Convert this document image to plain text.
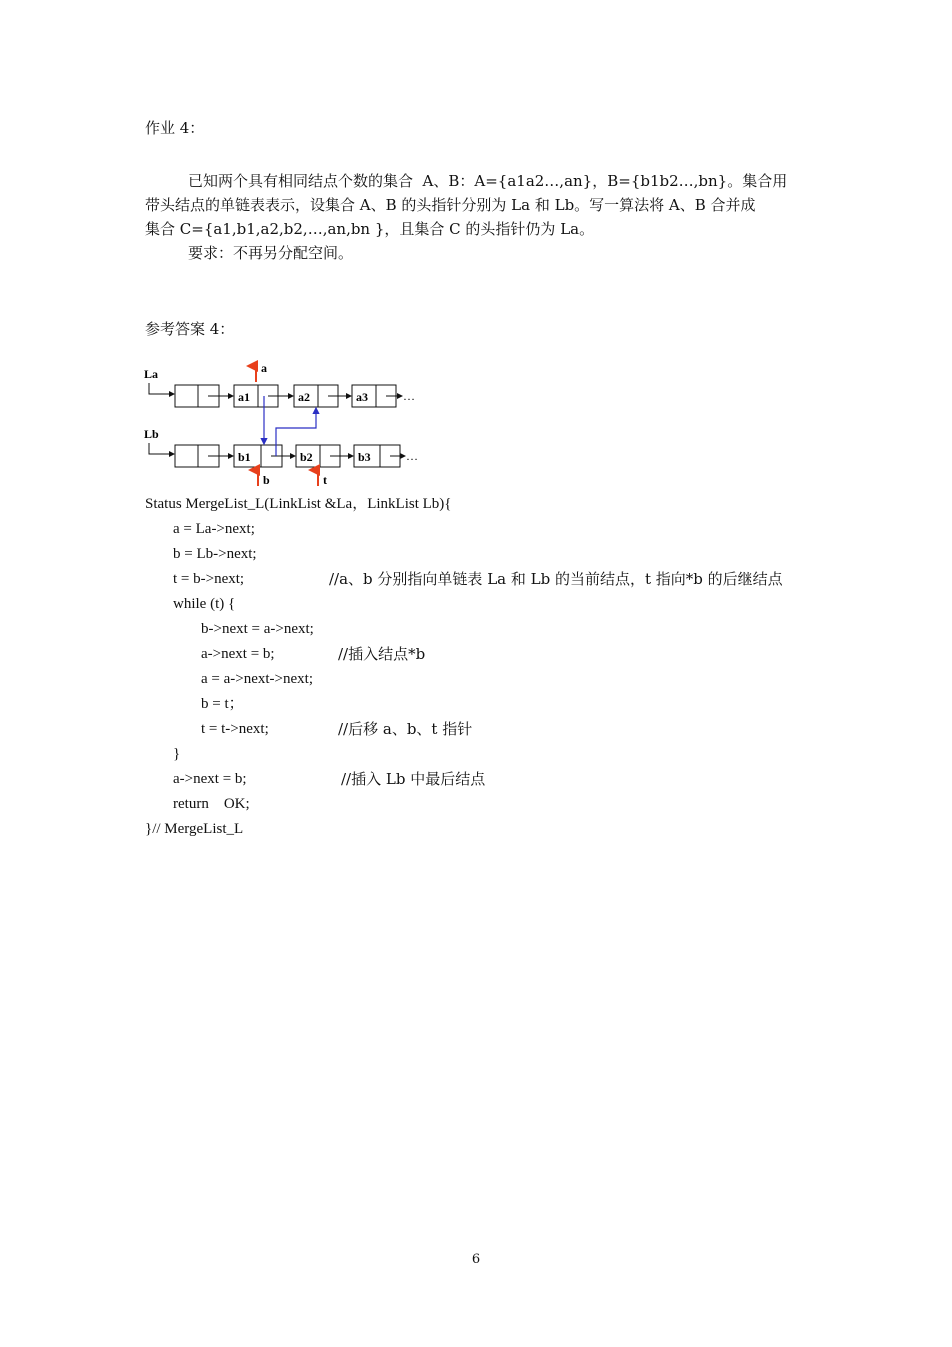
作业 4：
已知两个具有相同结点个数的集合  A、B：A={a1a2…,an}，B={b1b2…,bn}。集合用
带头结点的单链表表示，设集合 A、B 的头指针分别为 La 和 Lb。写一算法将 A、B 合并成
集合 C={a1,b1,a2,b2,…,an,bn }，且集合 C 的头指针仍为 La。
要求：不再另分配空间。
参考答案 4：
La
a1	a2	a3	…
a
Lb
b1	b2	b3	…
b	t
Status MergeList_L(LinkList &La，LinkList Lb){
a = La->next;
b = Lb->next;
t = b->next;	//a、b 分别指向单链表 La 和 Lb 的当前结点，t 指向*b 的后继结点
while (t) {
b->next = a->next;
a->next = b;	//插入结点*b
a = a->next->next;
b = t；
t = t->next;	//后移 a、b、t 指针
}
a->next = b;	//插入 Lb 中最后结点
return    OK;
}// MergeList_L
6
